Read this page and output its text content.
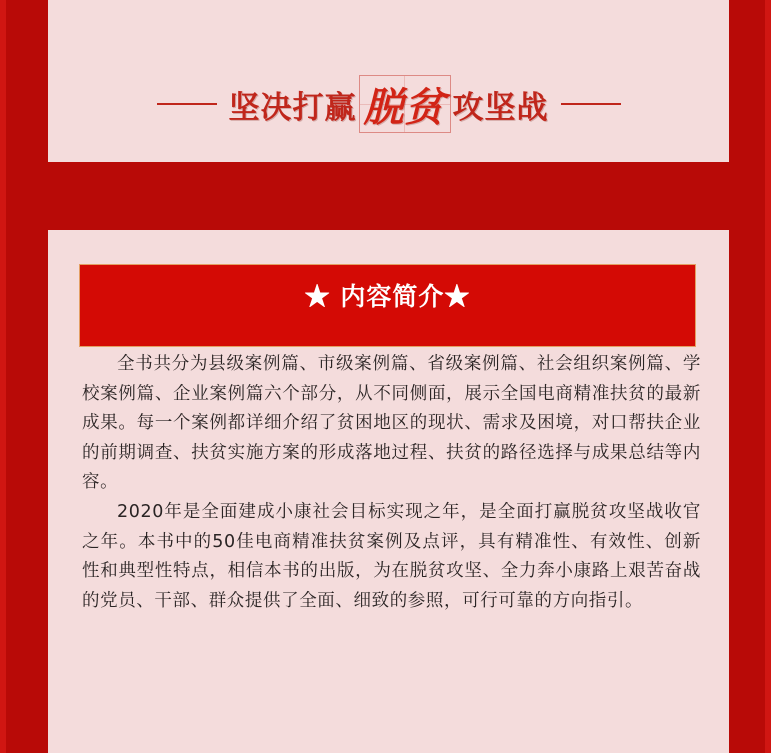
坚决打赢 脱贫 攻坚战
★ 内容简介★

全书共分为县级案例篇、市级案例篇、省级案例篇、社会组织案例篇、学校案例篇、企业案例篇六个部分，从不同侧面，展示全国电商精准扶贫的最新成果。每一个案例都详细介绍了贫困地区的现状、需求及困境，对口帮扶企业的前期调查、扶贫实施方案的形成落地过程、扶贫的路径选择与成果总结等内容。

2020年是全面建成小康社会目标实现之年，是全面打赢脱贫攻坚战收官之年。本书中的50佳电商精准扶贫案例及点评，具有精准性、有效性、创新性和典型性特点，相信本书的出版，为在脱贫攻坚、全力奔小康路上艰苦奋战的党员、干部、群众提供了全面、细致的参照，可行可靠的方向指引。
